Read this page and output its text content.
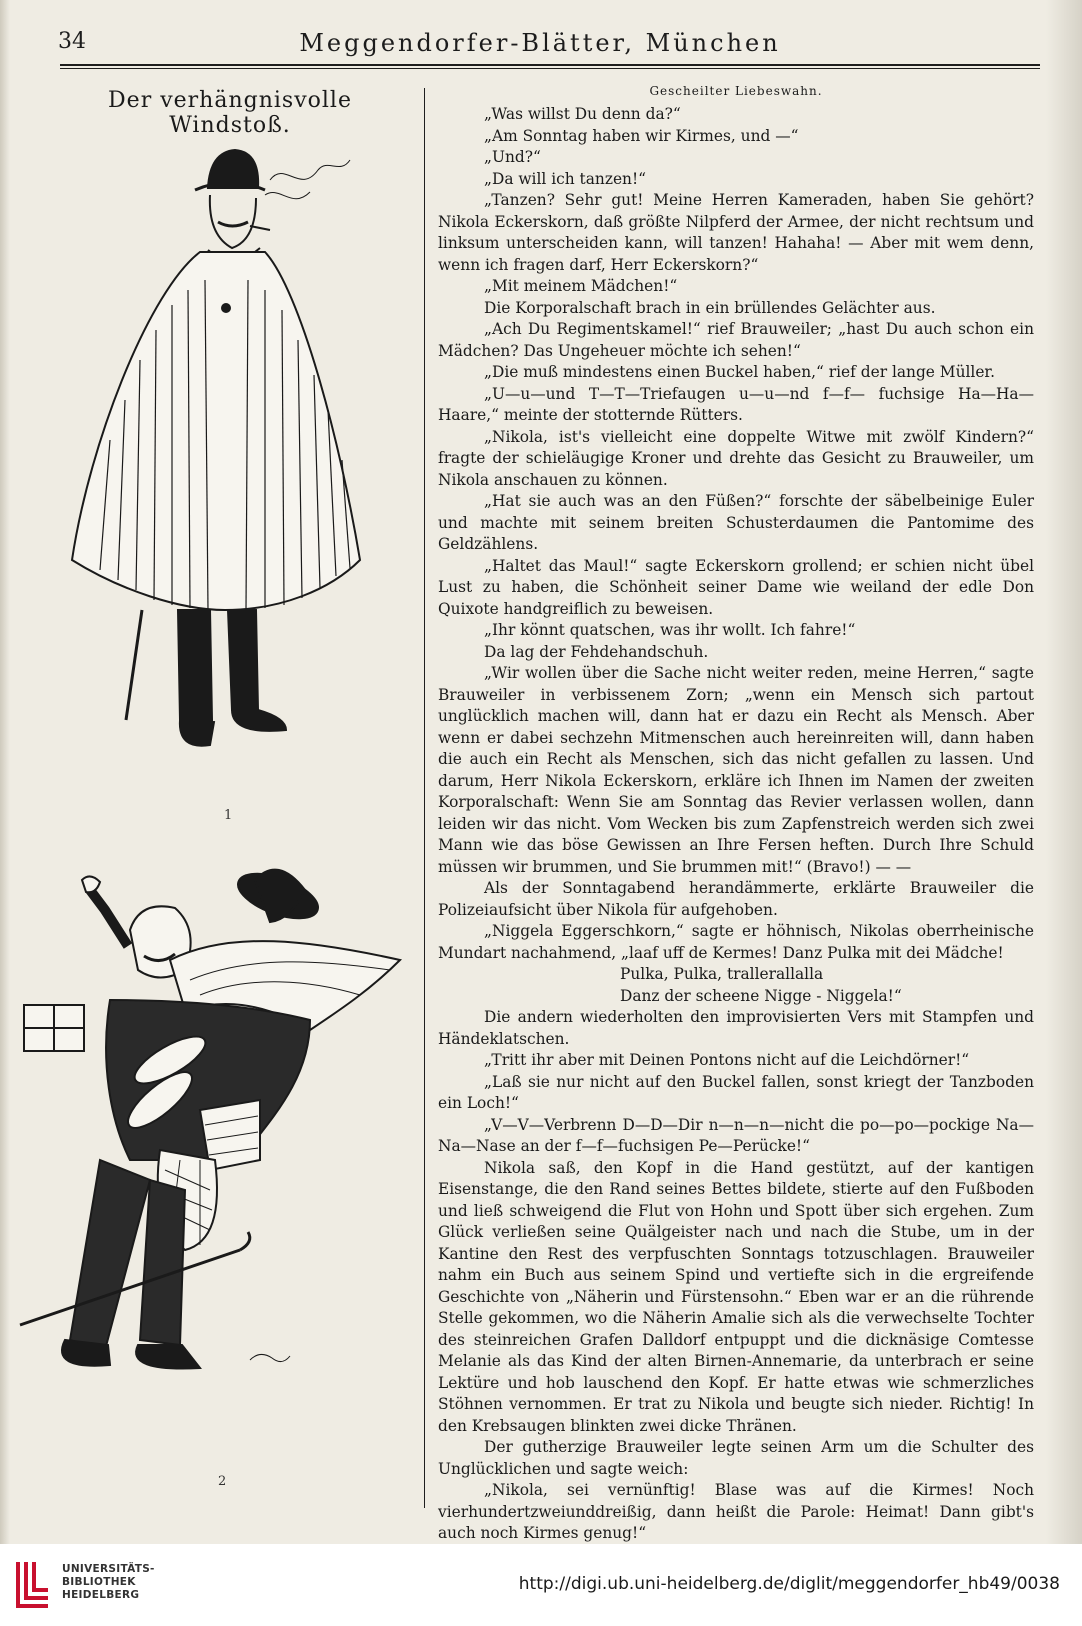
34	Meggendorfer-Blätter, München
Der verhängnisvolle Windstoß.
1
2
Gescheilter Liebeswahn.

„Was willst Du denn da?“

„Am Sonntag haben wir Kirmes, und —“

„Und?“

„Da will ich tanzen!“

„Tanzen? Sehr gut! Meine Herren Kameraden, haben Sie gehört? Nikola Eckerskorn, daß größte Nilpferd der Armee, der nicht rechtsum und linksum unterscheiden kann, will tanzen! Hahaha! — Aber mit wem denn, wenn ich fragen darf, Herr Eckerskorn?“

„Mit meinem Mädchen!“

Die Korporalschaft brach in ein brüllendes Gelächter aus.

„Ach Du Regimentskamel!“ rief Brauweiler; „hast Du auch schon ein Mädchen? Das Ungeheuer möchte ich sehen!“

„Die muß mindestens einen Buckel haben,“ rief der lange Müller.

„U—u—und T—T—Triefaugen u—u—nd f—f— fuchsige Ha—Ha—Haare,“ meinte der stotternde Rütters.

„Nikola, ist's vielleicht eine doppelte Witwe mit zwölf Kindern?“ fragte der schieläugige Kroner und drehte das Gesicht zu Brauweiler, um Nikola anschauen zu können.

„Hat sie auch was an den Füßen?“ forschte der säbelbeinige Euler und machte mit seinem breiten Schusterdaumen die Pantomime des Geldzählens.

„Haltet das Maul!“ sagte Eckerskorn grollend; er schien nicht übel Lust zu haben, die Schönheit seiner Dame wie weiland der edle Don Quixote handgreiflich zu beweisen.

„Ihr könnt quatschen, was ihr wollt. Ich fahre!“

Da lag der Fehdehandschuh.

„Wir wollen über die Sache nicht weiter reden, meine Herren,“ sagte Brauweiler in verbissenem Zorn; „wenn ein Mensch sich partout unglücklich machen will, dann hat er dazu ein Recht als Mensch. Aber wenn er dabei sechzehn Mitmenschen auch hereinreiten will, dann haben die auch ein Recht als Menschen, sich das nicht gefallen zu lassen. Und darum, Herr Nikola Eckerskorn, erkläre ich Ihnen im Namen der zweiten Korporalschaft: Wenn Sie am Sonntag das Revier verlassen wollen, dann leiden wir das nicht. Vom Wecken bis zum Zapfenstreich werden sich zwei Mann wie das böse Gewissen an Ihre Fersen heften. Durch Ihre Schuld müssen wir brummen, und Sie brummen mit!“ (Bravo!) — —

Als der Sonntagabend herandämmerte, erklärte Brauweiler die Polizeiaufsicht über Nikola für aufgehoben.

„Niggela Eggerschkorn,“ sagte er höhnisch, Nikolas oberrheinische Mundart nachahmend, „laaf uff de Kermes! Danz Pulka mit dei Mädche!

Pulka, Pulka, trallerallalla

Danz der scheene Nigge - Niggela!“

Die andern wiederholten den improvisierten Vers mit Stampfen und Händeklatschen.

„Tritt ihr aber mit Deinen Pontons nicht auf die Leichdörner!“

„Laß sie nur nicht auf den Buckel fallen, sonst kriegt der Tanzboden ein Loch!“

„V—V—Verbrenn D—D—Dir n—n—n—nicht die po—po—pockige Na—Na—Nase an der f—f—fuchsigen Pe—Perücke!“

Nikola saß, den Kopf in die Hand gestützt, auf der kantigen Eisenstange, die den Rand seines Bettes bildete, stierte auf den Fußboden und ließ schweigend die Flut von Hohn und Spott über sich ergehen. Zum Glück verließen seine Quälgeister nach und nach die Stube, um in der Kantine den Rest des verpfuschten Sonntags totzuschlagen. Brauweiler nahm ein Buch aus seinem Spind und vertiefte sich in die ergreifende Geschichte von „Näherin und Fürstensohn.“ Eben war er an die rührende Stelle gekommen, wo die Näherin Amalie sich als die verwechselte Tochter des steinreichen Grafen Dalldorf entpuppt und die dicknäsige Comtesse Melanie als das Kind der alten Birnen-Annemarie, da unterbrach er seine Lektüre und hob lauschend den Kopf. Er hatte etwas wie schmerzliches Stöhnen vernommen. Er trat zu Nikola und beugte sich nieder. Richtig! In den Krebsaugen blinkten zwei dicke Thränen.

Der gutherzige Brauweiler legte seinen Arm um die Schulter des Unglücklichen und sagte weich:

„Nikola, sei vernünftig! Blase was auf die Kirmes! Noch vierhundertzweiunddreißig, dann heißt die Parole: Heimat! Dann gibt's auch noch Kirmes genug!“

UNIVERSITÄTS-
BIBLIOTHEK
HEIDELBERG
http://digi.ub.uni-heidelberg.de/diglit/meggendorfer_hb49/0038
